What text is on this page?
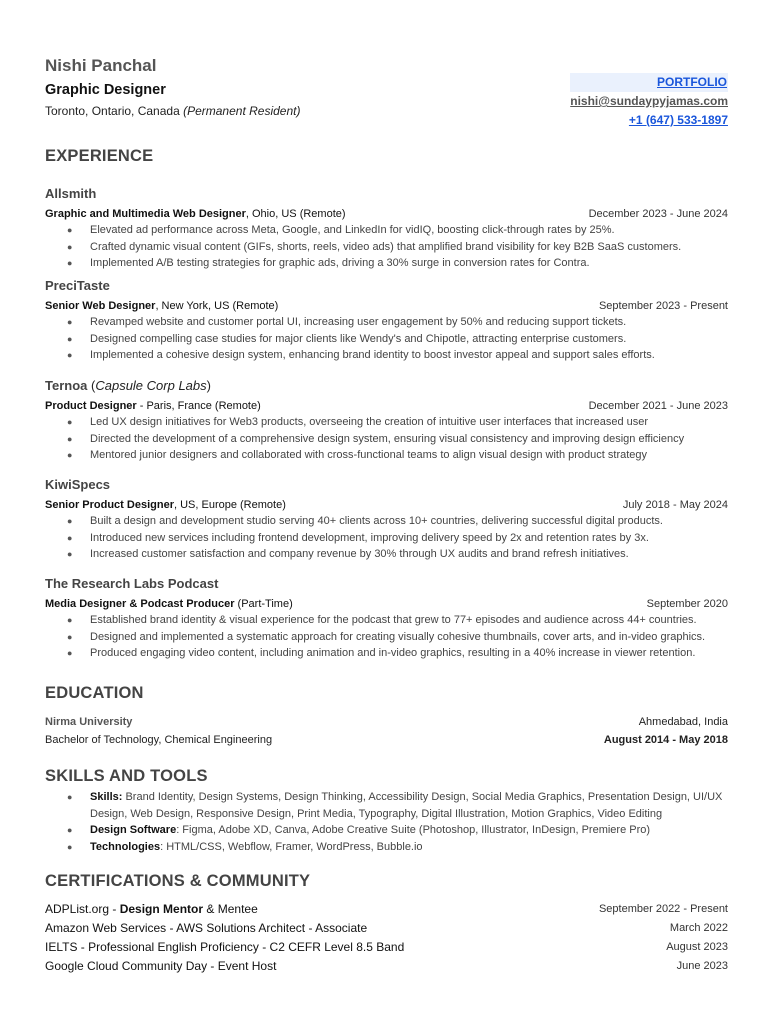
Nishi Panchal
Graphic Designer
Toronto, Ontario, Canada (Permanent Resident)
PORTFOLIO
nishi@sundaypyjamas.com
+1 (647) 533-1897
EXPERIENCE
Allsmith
Graphic and Multimedia Web Designer, Ohio, US (Remote)	December 2023 - June 2024
● Elevated ad performance across Meta, Google, and LinkedIn for vidIQ, boosting click-through rates by 25%.
● Crafted dynamic visual content (GIFs, shorts, reels, video ads) that amplified brand visibility for key B2B SaaS customers.
● Implemented A/B testing strategies for graphic ads, driving a 30% surge in conversion rates for Contra.
PreciTaste
Senior Web Designer, New York, US (Remote)	September 2023 - Present
● Revamped website and customer portal UI, increasing user engagement by 50% and reducing support tickets.
● Designed compelling case studies for major clients like Wendy's and Chipotle, attracting enterprise customers.
● Implemented a cohesive design system, enhancing brand identity to boost investor appeal and support sales efforts.
Ternoa (Capsule Corp Labs)
Product Designer - Paris, France (Remote)	December 2021 - June 2023
● Led UX design initiatives for Web3 products, overseeing the creation of intuitive user interfaces that increased user
● Directed the development of a comprehensive design system, ensuring visual consistency and improving design efficiency
● Mentored junior designers and collaborated with cross-functional teams to align visual design with product strategy
KiwiSpecs
Senior Product Designer, US, Europe (Remote)	July 2018 - May 2024
● Built a design and development studio serving 40+ clients across 10+ countries, delivering successful digital products.
● Introduced new services including frontend development, improving delivery speed by 2x and retention rates by 3x.
● Increased customer satisfaction and company revenue by 30% through UX audits and brand refresh initiatives.
The Research Labs Podcast
Media Designer & Podcast Producer (Part-Time)	September 2020
● Established brand identity & visual experience for the podcast that grew to 77+ episodes and audience across 44+ countries.
● Designed and implemented a systematic approach for creating visually cohesive thumbnails, cover arts, and in-video graphics.
● Produced engaging video content, including animation and in-video graphics, resulting in a 40% increase in viewer retention.
EDUCATION
Nirma University	Ahmedabad, India
Bachelor of Technology, Chemical Engineering	August 2014 - May 2018
SKILLS AND TOOLS
● Skills: Brand Identity, Design Systems, Design Thinking, Accessibility Design, Social Media Graphics, Presentation Design, UI/UX Design, Web Design, Responsive Design, Print Media, Typography, Digital Illustration, Motion Graphics, Video Editing
● Design Software: Figma, Adobe XD, Canva, Adobe Creative Suite (Photoshop, Illustrator, InDesign, Premiere Pro)
● Technologies: HTML/CSS, Webflow, Framer, WordPress, Bubble.io
CERTIFICATIONS & COMMUNITY
ADPList.org - Design Mentor & Mentee	September 2022 - Present
Amazon Web Services - AWS Solutions Architect - Associate	March 2022
IELTS - Professional English Proficiency - C2 CEFR Level 8.5 Band	August 2023
Google Cloud Community Day - Event Host	June 2023
